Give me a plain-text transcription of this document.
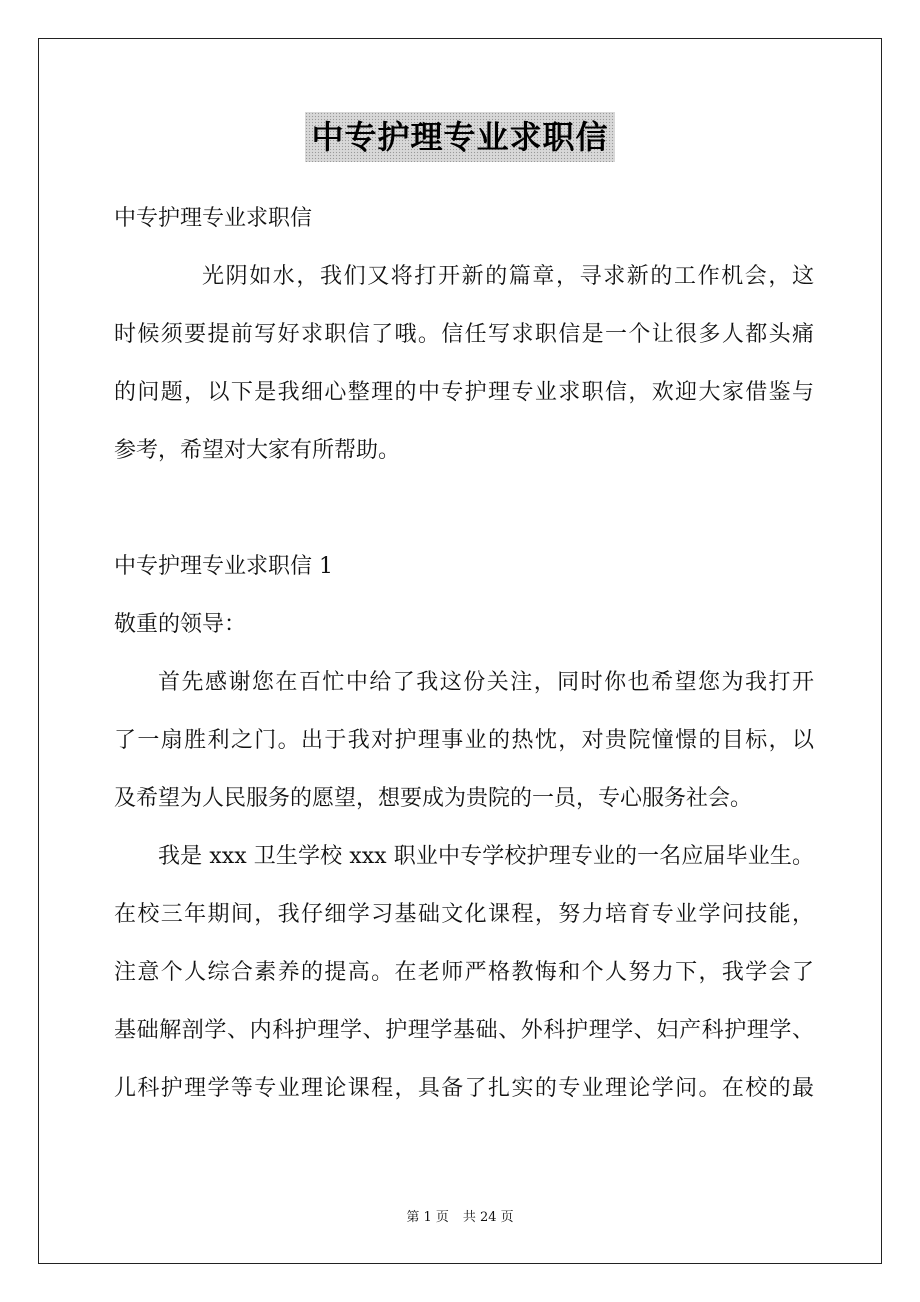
中专护理专业求职信
中专护理专业求职信
光阴如水，我们又将打开新的篇章，寻求新的工作机会，这
时候须要提前写好求职信了哦。信任写求职信是一个让很多人都头痛
的问题，以下是我细心整理的中专护理专业求职信，欢迎大家借鉴与
参考，希望对大家有所帮助。
中专护理专业求职信 1
敬重的领导：
首先感谢您在百忙中给了我这份关注，同时你也希望您为我打开
了一扇胜利之门。出于我对护理事业的热忱，对贵院憧憬的目标，以
及希望为人民服务的愿望，想要成为贵院的一员，专心服务社会。
我是 xxx 卫生学校 xxx 职业中专学校护理专业的一名应届毕业生。
在校三年期间，我仔细学习基础文化课程，努力培育专业学问技能，
注意个人综合素养的提高。在老师严格教悔和个人努力下，我学会了
基础解剖学、内科护理学、护理学基础、外科护理学、妇产科护理学、
儿科护理学等专业理论课程，具备了扎实的专业理论学问。在校的最
第 1 页 共 24 页
